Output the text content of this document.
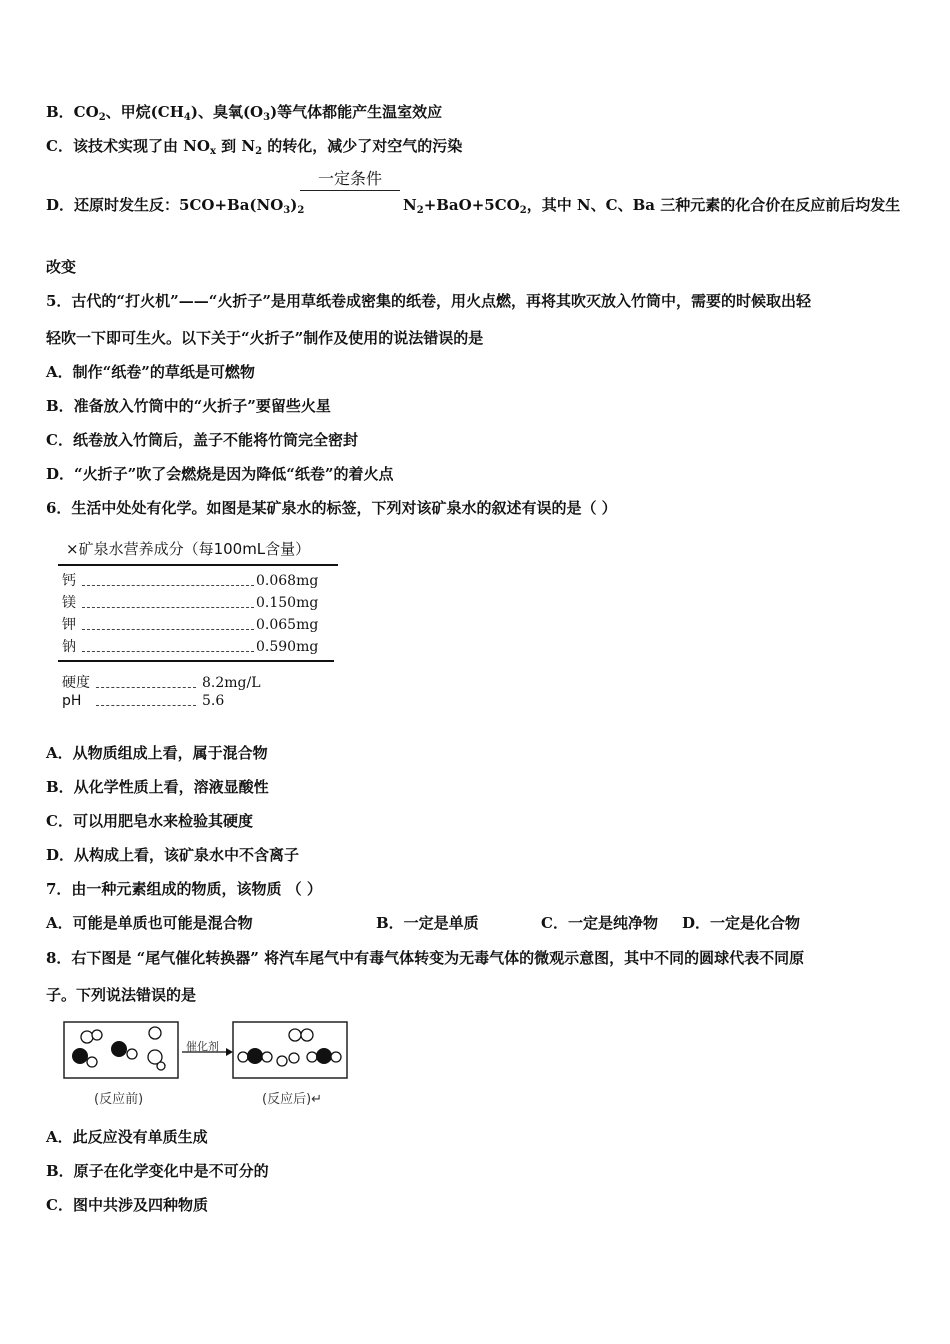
B．$CO_2$、甲烷$(CH_4)$、臭氧$(O_3)$等气体都能产生温室效应
C．该技术实现了由 $NO_x$ 到 $N_2$ 的转化，减少了对空气的污染
一定条件
D．还原时发生反：$5CO+Ba(NO_3)_2$	$N_2+BaO+5CO_2$，其中 N、C、Ba 三种元素的化合价在反应前后均发生
改变
5．古代的“打火机”——“火折子”是用草纸卷成密集的纸卷，用火点燃，再将其吹灭放入竹筒中，需要的时候取出轻
轻吹一下即可生火。以下关于“火折子”制作及使用的说法错误的是
A．制作“纸卷”的草纸是可燃物
B．准备放入竹筒中的“火折子”要留些火星
C．纸卷放入竹筒后，盖子不能将竹筒完全密封
D．“火折子”吹了会燃烧是因为降低“纸卷”的着火点
6．生活中处处有化学。如图是某矿泉水的标签，下列对该矿泉水的叙述有误的是（ ）
×矿泉水营养成分（每100mL含量）
钙	0.068mg
镁	0.150mg
钾	0.065mg
钠	0.590mg
硬度	8.2mg/L
pH	5.6
A．从物质组成上看，属于混合物
B．从化学性质上看，溶液显酸性
C．可以用肥皂水来检验其硬度
D．从构成上看，该矿泉水中不含离子
7．由一种元素组成的物质，该物质 （ ）
A．可能是单质也可能是混合物	B．一定是单质	C．一定是纯净物 D．一定是化合物
8．右下图是 “尾气催化转换器” 将汽车尾气中有毒气体转变为无毒气体的微观示意图，其中不同的圆球代表不同原
子。下列说法错误的是
催化剂
(反应前)	(反应后)↵
A．此反应没有单质生成
B．原子在化学变化中是不可分的
C．图中共涉及四种物质
